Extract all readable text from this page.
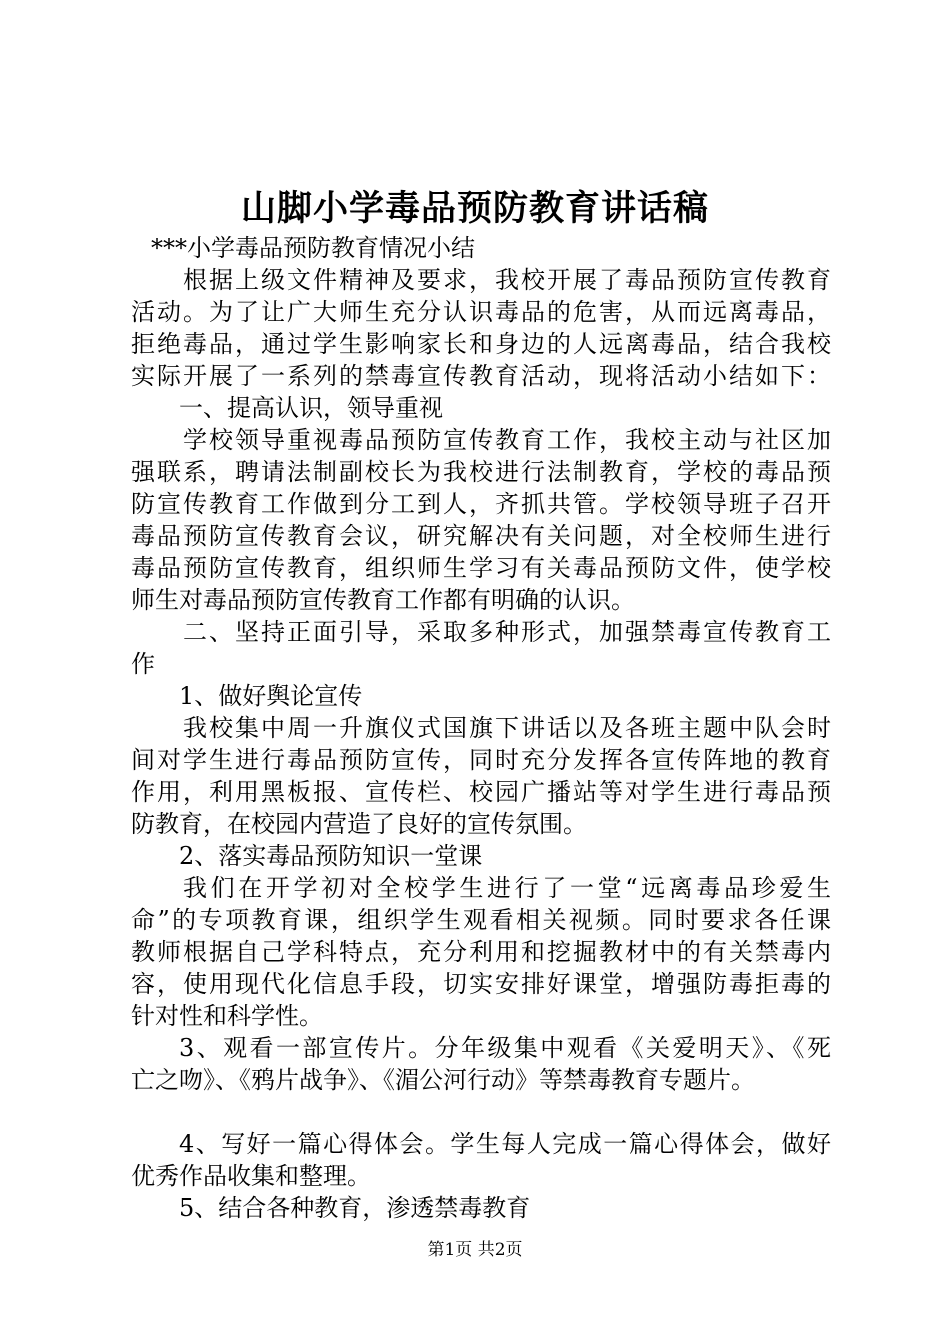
山脚小学毒品预防教育讲话稿
***小学毒品预防教育情况小结
根据上级文件精神及要求，我校开展了毒品预防宣传教育
活动。为了让广大师生充分认识毒品的危害，从而远离毒品，
拒绝毒品，通过学生影响家长和身边的人远离毒品，结合我校
实际开展了一系列的禁毒宣传教育活动，现将活动小结如下：
一、提高认识，领导重视
学校领导重视毒品预防宣传教育工作，我校主动与社区加
强联系，聘请法制副校长为我校进行法制教育，学校的毒品预
防宣传教育工作做到分工到人，齐抓共管。学校领导班子召开
毒品预防宣传教育会议，研究解决有关问题，对全校师生进行
毒品预防宣传教育，组织师生学习有关毒品预防文件，使学校
师生对毒品预防宣传教育工作都有明确的认识。
二、坚持正面引导，采取多种形式，加强禁毒宣传教育工
作
1、做好舆论宣传
我校集中周一升旗仪式国旗下讲话以及各班主题中队会时
间对学生进行毒品预防宣传，同时充分发挥各宣传阵地的教育
作用，利用黑板报、宣传栏、校园广播站等对学生进行毒品预
防教育，在校园内营造了良好的宣传氛围。
2、落实毒品预防知识一堂课
我们在开学初对全校学生进行了一堂“远离毒品珍爱生
命”的专项教育课，组织学生观看相关视频。同时要求各任课
教师根据自己学科特点，充分利用和挖掘教材中的有关禁毒内
容，使用现代化信息手段，切实安排好课堂，增强防毒拒毒的
针对性和科学性。
3、观看一部宣传片。分年级集中观看《关爱明天》、《死
亡之吻》、《鸦片战争》、《湄公河行动》等禁毒教育专题片。
4、写好一篇心得体会。学生每人完成一篇心得体会，做好
优秀作品收集和整理。
5、结合各种教育，渗透禁毒教育
第1页 共2页
